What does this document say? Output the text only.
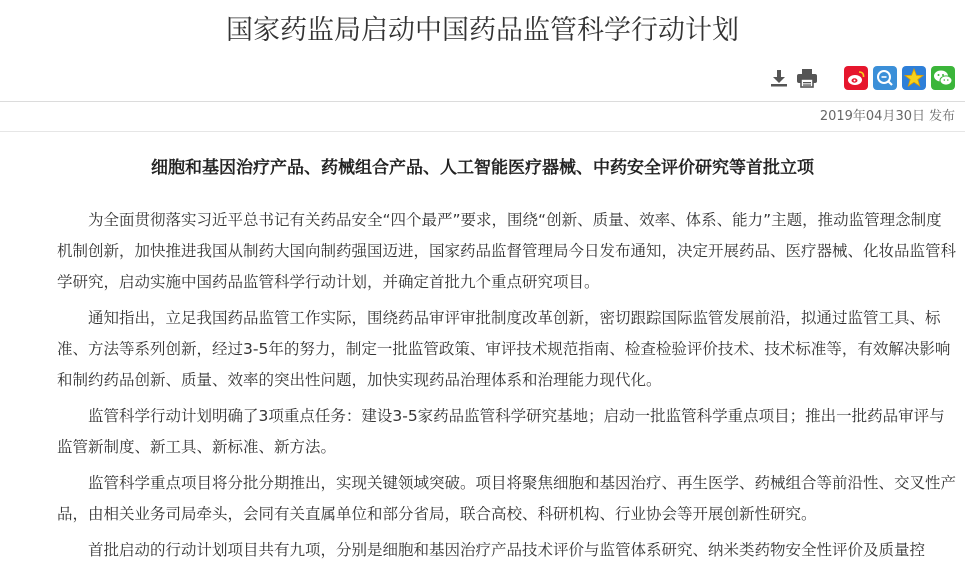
国家药监局启动中国药品监管科学行动计划
2019年04月30日 发布
细胞和基因治疗产品、药械组合产品、人工智能医疗器械、中药安全评价研究等首批立项

为全面贯彻落实习近平总书记有关药品安全“四个最严”要求，围绕“创新、质量、效率、体系、能力”主题，推动监管理念制度机制创新，加快推进我国从制药大国向制药强国迈进，国家药品监督管理局今日发布通知，决定开展药品、医疗器械、化妆品监管科学研究，启动实施中国药品监管科学行动计划，并确定首批九个重点研究项目。

通知指出，立足我国药品监管工作实际，围绕药品审评审批制度改革创新，密切跟踪国际监管发展前沿，拟通过监管工具、标准、方法等系列创新，经过3-5年的努力，制定一批监管政策、审评技术规范指南、检查检验评价技术、技术标准等，有效解决影响和制约药品创新、质量、效率的突出性问题，加快实现药品治理体系和治理能力现代化。

监管科学行动计划明确了3项重点任务：建设3-5家药品监管科学研究基地；启动一批监管科学重点项目；推出一批药品审评与监管新制度、新工具、新标准、新方法。

监管科学重点项目将分批分期推出，实现关键领域突破。项目将聚焦细胞和基因治疗、再生医学、药械组合等前沿性、交叉性产品，由相关业务司局牵头，会同有关直属单位和部分省局，联合高校、科研机构、行业协会等开展创新性研究。

首批启动的行动计划项目共有九项，分别是细胞和基因治疗产品技术评价与监管体系研究、纳米类药物安全性评价及质量控
